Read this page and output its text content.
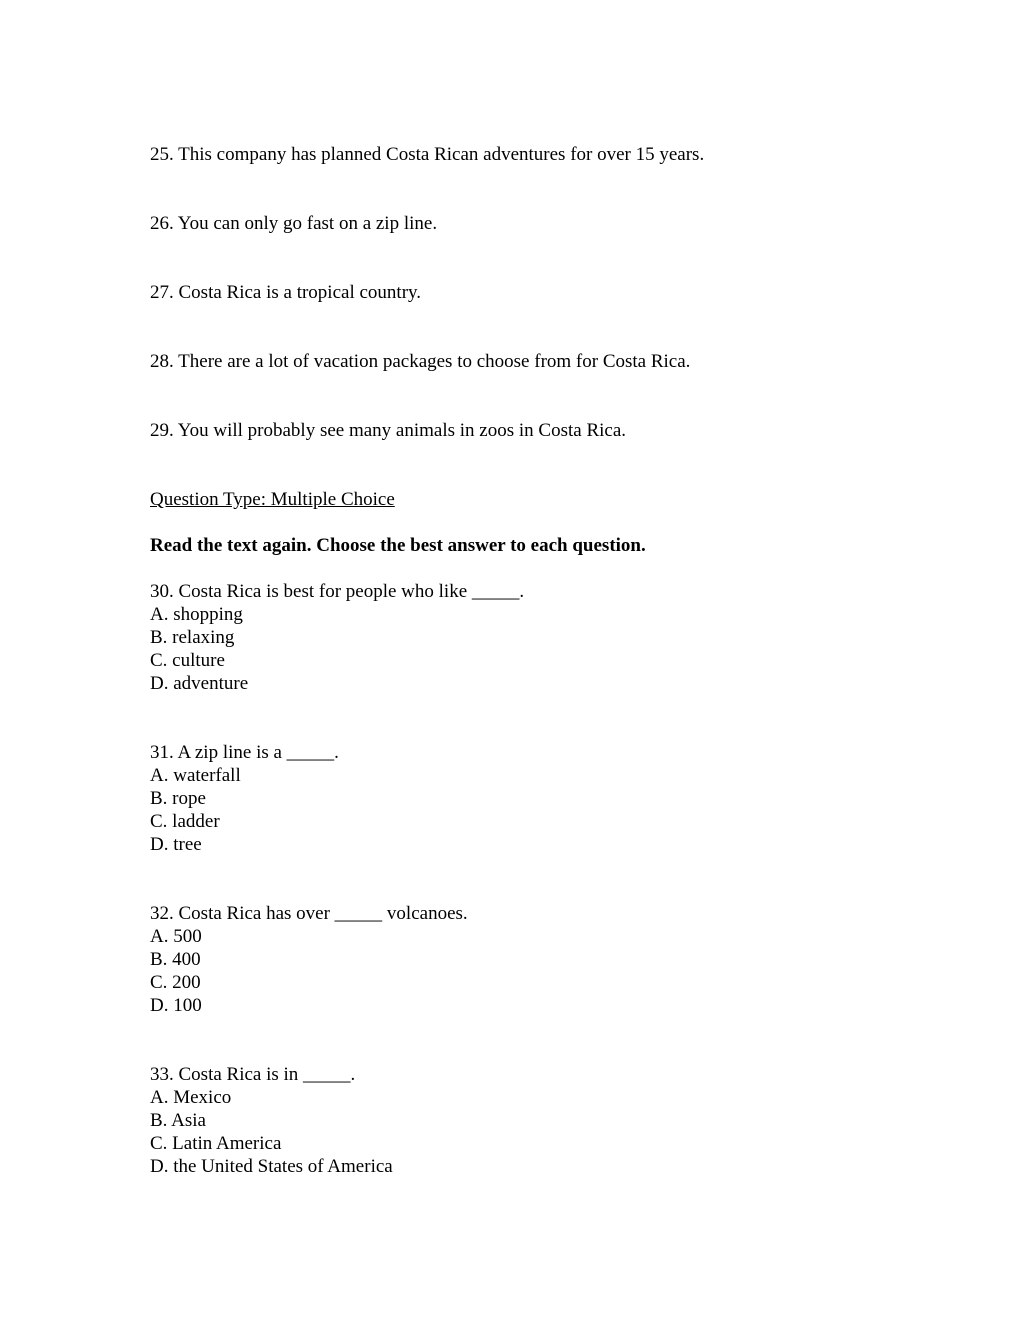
25. This company has planned Costa Rican adventures for over 15 years.
26. You can only go fast on a zip line.
27. Costa Rica is a tropical country.
28. There are a lot of vacation packages to choose from for Costa Rica.
29. You will probably see many animals in zoos in Costa Rica.
Question Type: Multiple Choice
Read the text again. Choose the best answer to each question.
30. Costa Rica is best for people who like _____.
A. shopping
B. relaxing
C. culture
D. adventure
31. A zip line is a _____.
A. waterfall
B. rope
C. ladder
D. tree
32. Costa Rica has over _____ volcanoes.
A. 500
B. 400
C. 200
D. 100
33. Costa Rica is in _____.
A. Mexico
B. Asia
C. Latin America
D. the United States of America
